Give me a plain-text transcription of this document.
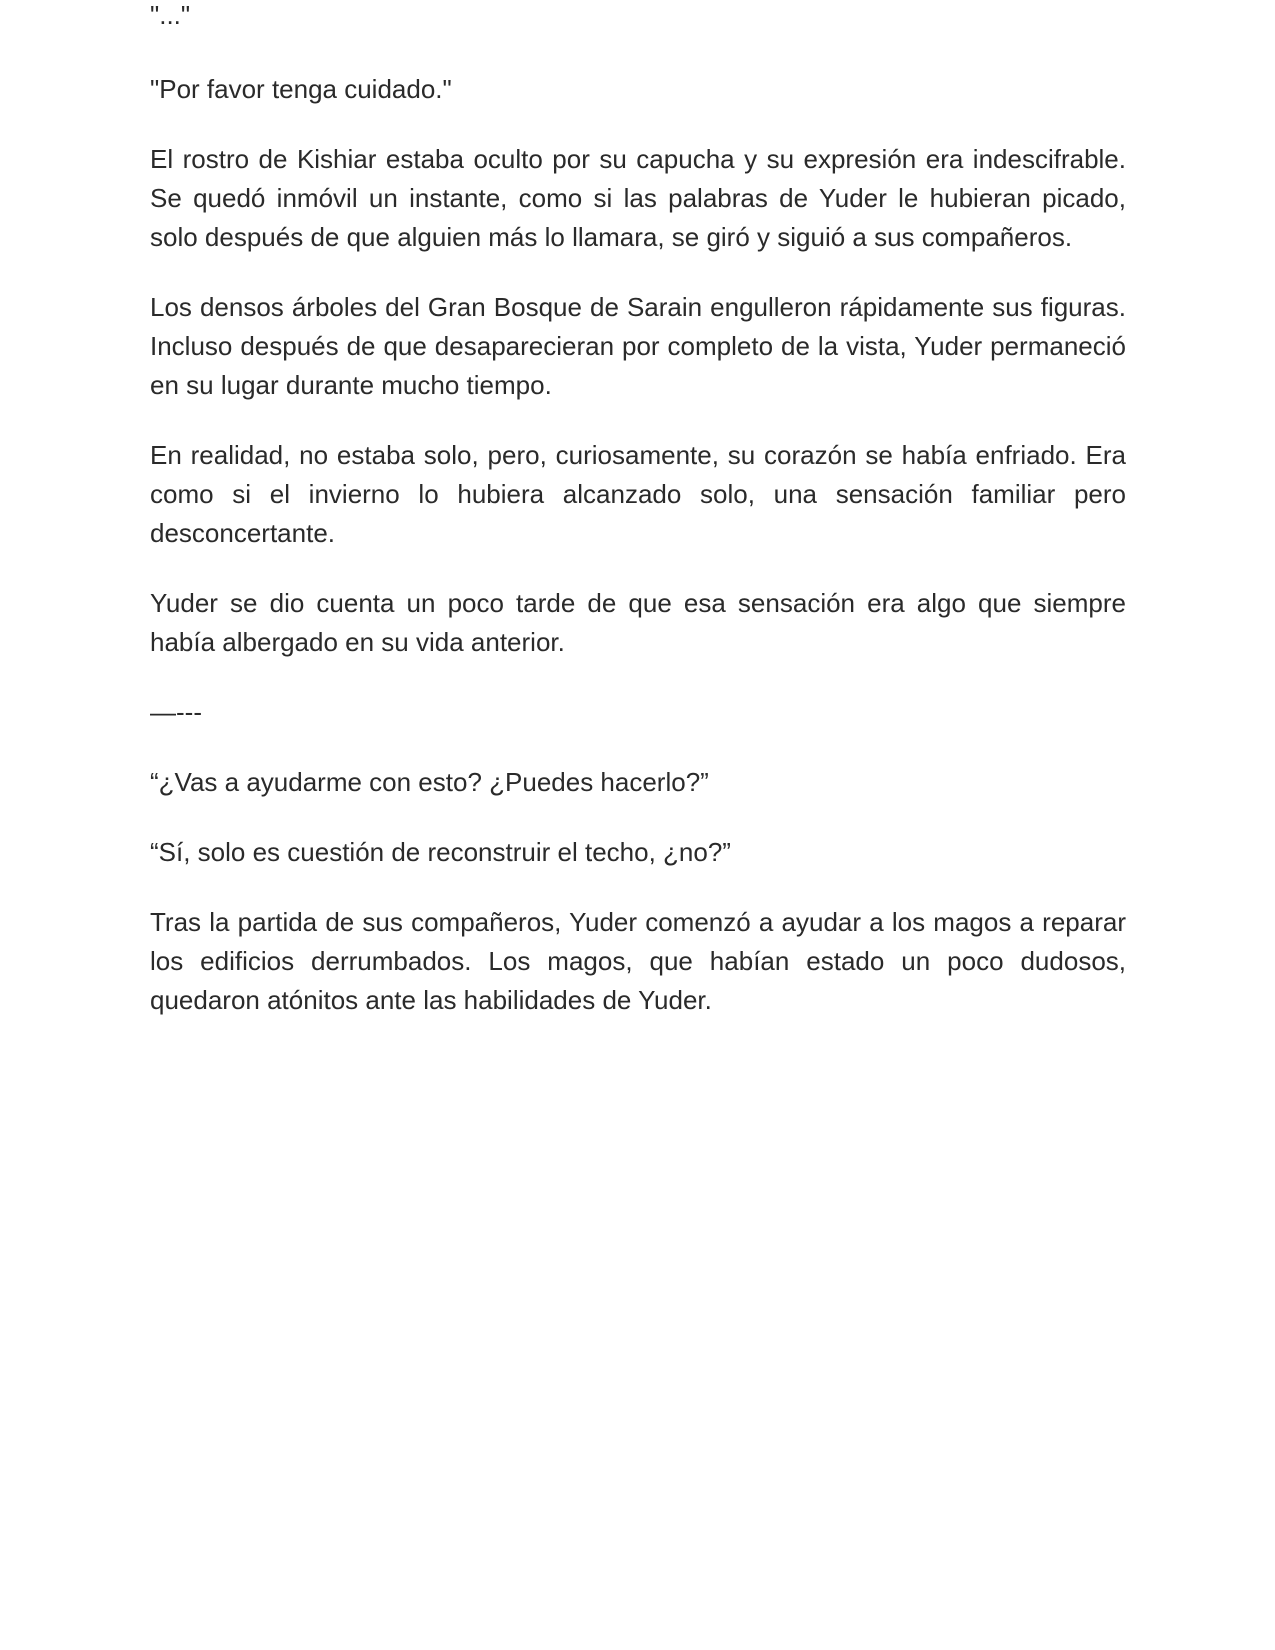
"..."

"Por favor tenga cuidado."

El rostro de Kishiar estaba oculto por su capucha y su expresión era indescifrable. Se quedó inmóvil un instante, como si las palabras de Yuder le hubieran picado, solo después de que alguien más lo llamara, se giró y siguió a sus compañeros.

Los densos árboles del Gran Bosque de Sarain engulleron rápidamente sus figuras. Incluso después de que desaparecieran por completo de la vista, Yuder permaneció en su lugar durante mucho tiempo.

En realidad, no estaba solo, pero, curiosamente, su corazón se había enfriado. Era como si el invierno lo hubiera alcanzado solo, una sensación familiar pero desconcertante.

Yuder se dio cuenta un poco tarde de que esa sensación era algo que siempre había albergado en su vida anterior.

—---

“¿Vas a ayudarme con esto? ¿Puedes hacerlo?”

“Sí, solo es cuestión de reconstruir el techo, ¿no?”

Tras la partida de sus compañeros, Yuder comenzó a ayudar a los magos a reparar los edificios derrumbados. Los magos, que habían estado un poco dudosos, quedaron atónitos ante las habilidades de Yuder.
